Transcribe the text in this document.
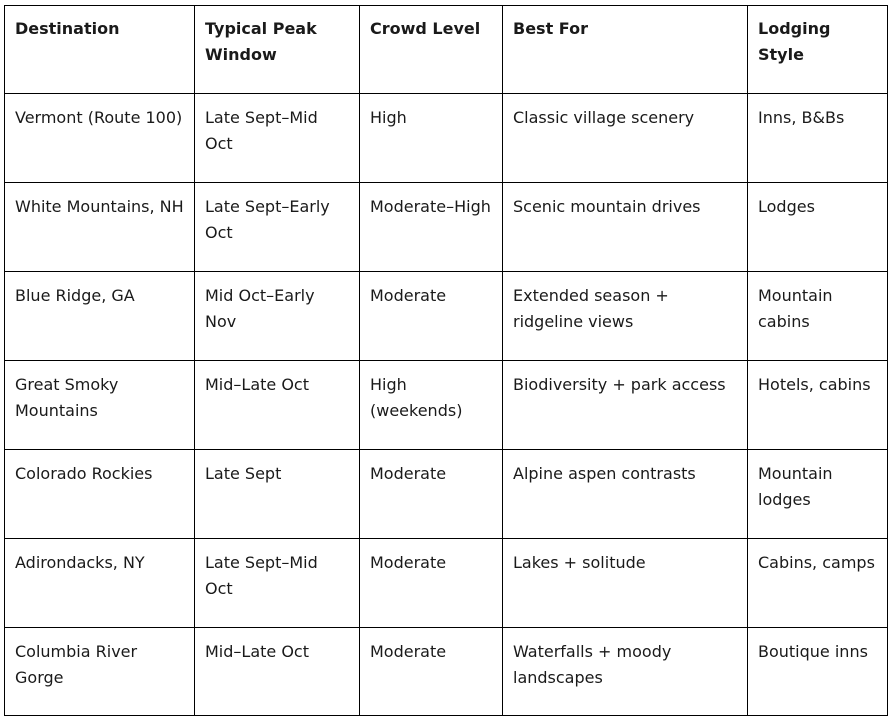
Destination	Typical Peak Window	Crowd Level	Best For	Lodging Style
Vermont (Route 100)	Late Sept–Mid Oct	High	Classic village scenery	Inns, B&Bs
White Mountains, NH	Late Sept–Early Oct	Moderate–High	Scenic mountain drives	Lodges
Blue Ridge, GA	Mid Oct–Early Nov	Moderate	Extended season + ridgeline views	Mountain cabins
Great Smoky Mountains	Mid–Late Oct	High (weekends)	Biodiversity + park access	Hotels, cabins
Colorado Rockies	Late Sept	Moderate	Alpine aspen contrasts	Mountain lodges
Adirondacks, NY	Late Sept–Mid Oct	Moderate	Lakes + solitude	Cabins, camps
Columbia River Gorge	Mid–Late Oct	Moderate	Waterfalls + moody landscapes	Boutique inns
